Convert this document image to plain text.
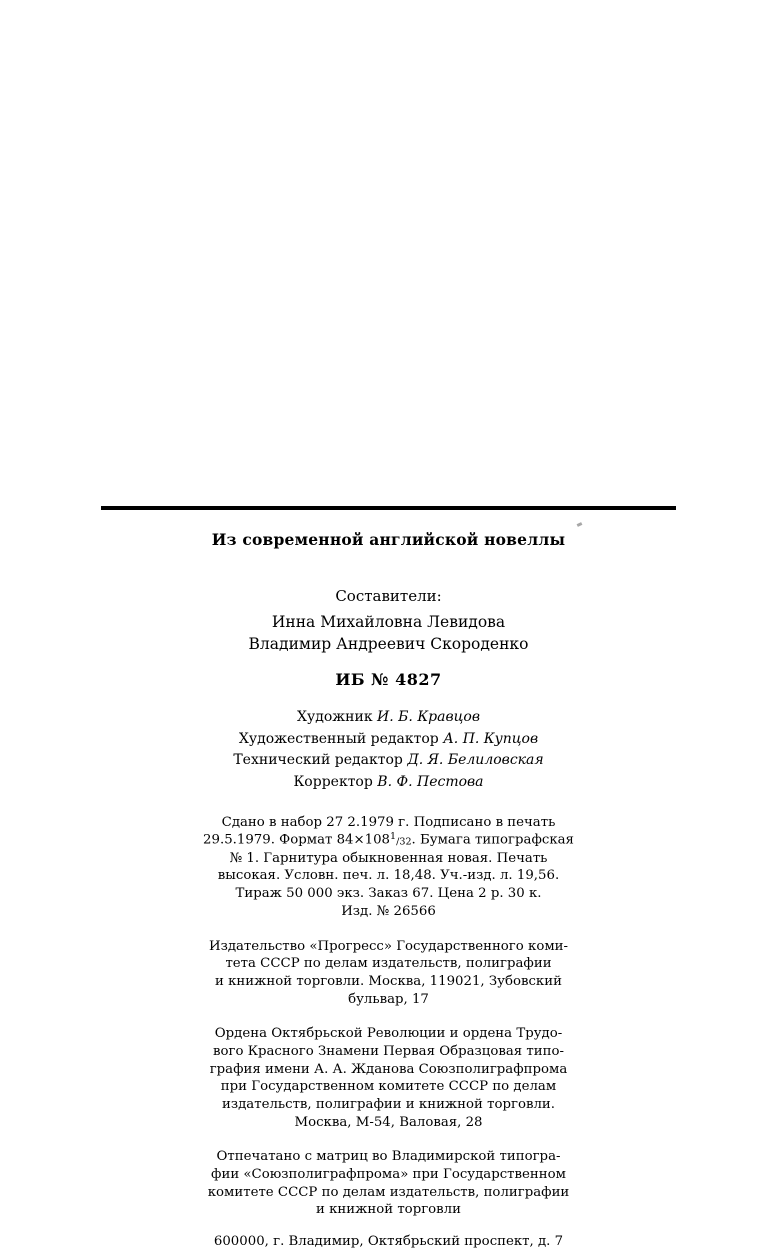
Из современной английской новеллы
Составители:
Инна Михайловна Левидова
Владимир Андреевич Скороденко
ИБ № 4827
Художник И. Б. Кравцов
Художественный редактор А. П. Купцов
Технический редактор Д. Я. Белиловская
Корректор В. Ф. Пестова
Сдано в набор 27 2.1979 г. Подписано в печать
29.5.1979. Формат $84\times 108^1/32$. Бумага типографская
№ 1. Гарнитура обыкновенная новая. Печать
высокая. Условн. печ. л. 18,48. Уч.-изд. л. 19,56.
Тираж 50 000 экз. Заказ 67. Цена 2 р. 30 к.
Изд. № 26566
Издательство «Прогресс» Государственного коми-
тета СССР по делам издательств, полиграфии
и книжной торговли. Москва, 119021, Зубовский
бульвар, 17
Ордена Октябрьской Революции и ордена Трудо-
вого Красного Знамени Первая Образцовая типо-
графия имени А. А. Жданова Союзполиграфпрома
при Государственном комитете СССР по делам
издательств, полиграфии и книжной торговли.
Москва, М-54, Валовая, 28
Отпечатано с матриц во Владимирской типогра-
фии «Союзполиграфпрома» при Государственном
комитете СССР по делам издательств, полиграфии
и книжной торговли
600000, г. Владимир, Октябрьский проспект, д. 7
